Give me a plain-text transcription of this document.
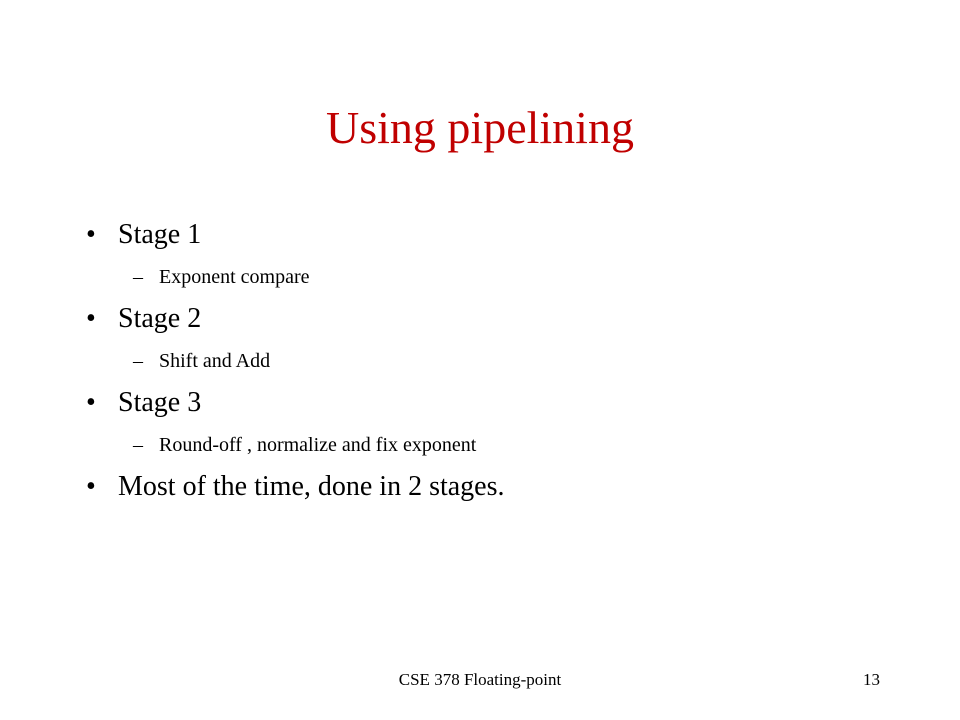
Using pipelining
• Stage 1
– Exponent compare
• Stage 2
– Shift and Add
• Stage 3
– Round-off , normalize and fix exponent
• Most of the time, done in 2 stages.
CSE 378 Floating-point	13
